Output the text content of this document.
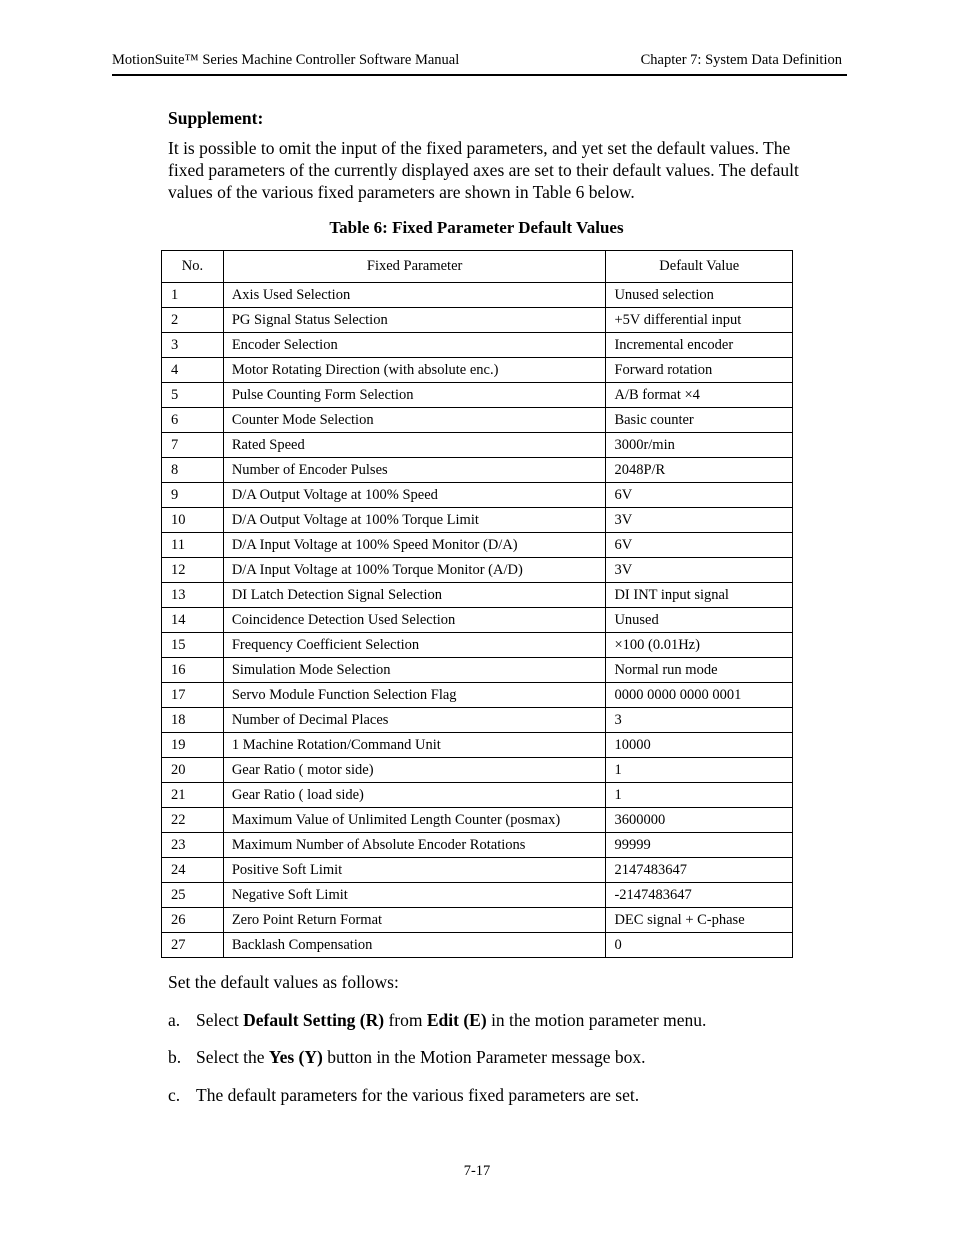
MotionSuite™ Series Machine Controller Software Manual	Chapter 7: System Data Definition
Supplement:
It is possible to omit the input of the fixed parameters, and yet set the default values. The
fixed parameters of the currently displayed axes are set to their default values. The default
values of the various fixed parameters are shown in Table 6 below.
Table 6: Fixed Parameter Default Values
No.	Fixed Parameter	Default Value
1	Axis Used Selection	Unused selection
2	PG Signal Status Selection	+5V differential input
3	Encoder Selection	Incremental encoder
4	Motor Rotating Direction (with absolute enc.)	Forward rotation
5	Pulse Counting Form Selection	A/B format ×4
6	Counter Mode Selection	Basic counter
7	Rated Speed	3000r/min
8	Number of Encoder Pulses	2048P/R
9	D/A Output Voltage at 100% Speed	6V
10	D/A Output Voltage at 100% Torque Limit	3V
11	D/A Input Voltage at 100% Speed Monitor (D/A)	6V
12	D/A Input Voltage at 100% Torque Monitor (A/D)	3V
13	DI Latch Detection Signal Selection	DI INT input signal
14	Coincidence Detection Used Selection	Unused
15	Frequency Coefficient Selection	×100 (0.01Hz)
16	Simulation Mode Selection	Normal run mode
17	Servo Module Function Selection Flag	0000 0000 0000 0001
18	Number of Decimal Places	3
19	1 Machine Rotation/Command Unit	10000
20	Gear Ratio ( motor side)	1
21	Gear Ratio ( load side)	1
22	Maximum Value of Unlimited Length Counter (posmax)	3600000
23	Maximum Number of Absolute Encoder Rotations	99999
24	Positive Soft Limit	2147483647
25	Negative Soft Limit	-2147483647
26	Zero Point Return Format	DEC signal + C-phase
27	Backlash Compensation	0
Set the default values as follows:
a. Select Default Setting (R) from Edit (E) in the motion parameter menu.
b. Select the Yes (Y) button in the Motion Parameter message box.
c. The default parameters for the various fixed parameters are set.
7-17
